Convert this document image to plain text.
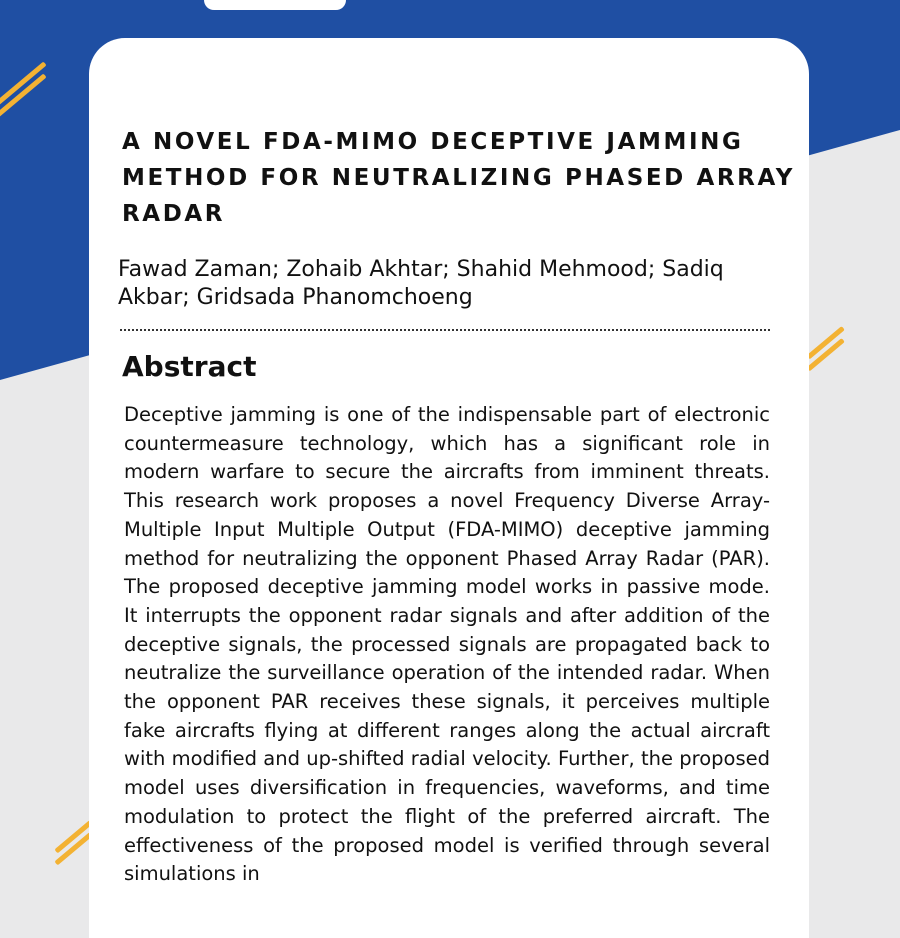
A NOVEL FDA-MIMO DECEPTIVE JAMMING METHOD FOR NEUTRALIZING PHASED ARRAY RADAR

Fawad Zaman; Zohaib Akhtar; Shahid Mehmood; Sadiq Akbar; Gridsada Phanomchoeng

Abstract

Deceptive jamming is one of the indispensable part of electronic countermeasure technology, which has a significant role in modern warfare to secure the aircrafts from imminent threats. This research work proposes a novel Frequency Diverse Array-Multiple Input Multiple Output (FDA-MIMO) deceptive jamming method for neutralizing the opponent Phased Array Radar (PAR). The proposed deceptive jamming model works in passive mode. It interrupts the opponent radar signals and after addition of the deceptive signals, the processed signals are propagated back to neutralize the surveillance operation of the intended radar. When the opponent PAR receives these signals, it perceives multiple fake aircrafts flying at different ranges along the actual aircraft with modified and up-shifted radial velocity. Further, the proposed model uses diversification in frequencies, waveforms, and time modulation to protect the flight of the preferred aircraft. The effectiveness of the proposed model is verified through several simulations in
